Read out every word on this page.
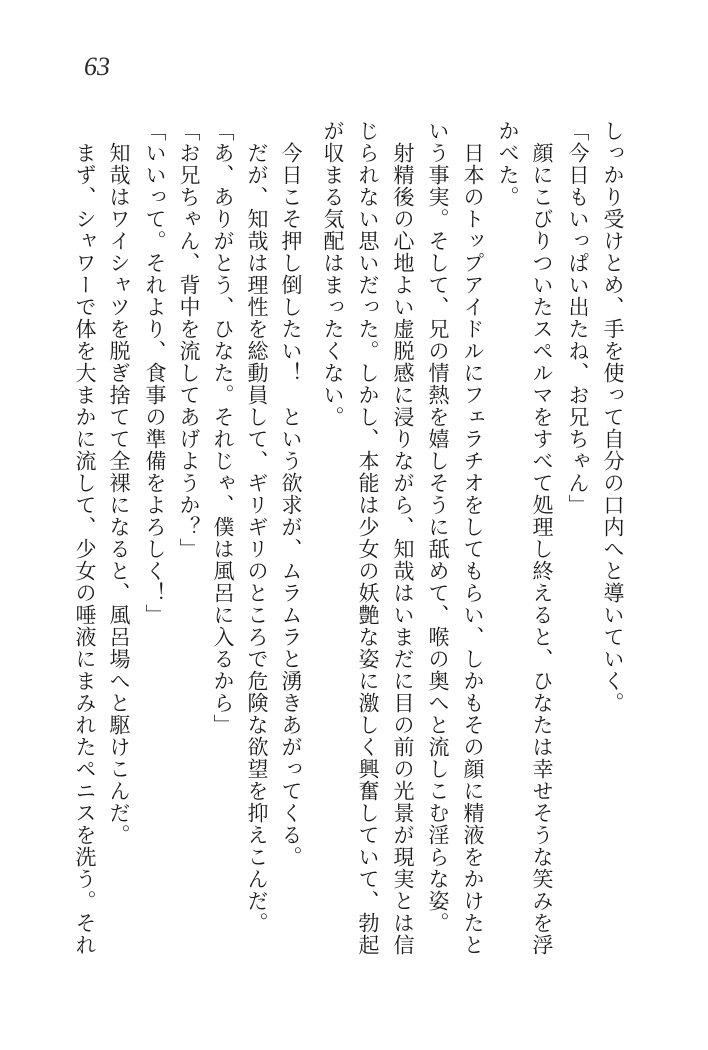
63
しっかり受けとめ、手を使って自分の口内へと導いていく。
「今日もいっぱい出たね、お兄ちゃん」
顔にこびりついたスペルマをすべて処理し終えると、ひなたは幸せそうな笑みを浮
かべた。
日本のトップアイドルにフェラチオをしてもらい、しかもその顔に精液をかけたと
いう事実。そして、兄の情熱を嬉しそうに舐めて、喉の奥へと流しこむ淫らな姿。
射精後の心地よい虚脱感に浸りながら、知哉はいまだに目の前の光景が現実とは信
じられない思いだった。しかし、本能は少女の妖艶な姿に激しく興奮していて、勃起
が収まる気配はまったくない。
今日こそ押し倒したい！　という欲求が、ムラムラと湧きあがってくる。
だが、知哉は理性を総動員して、ギリギリのところで危険な欲望を抑えこんだ。
「あ、ありがとう、ひなた。それじゃ、僕は風呂に入るから」
「お兄ちゃん、背中を流してあげようか？」
「いいって。それより、食事の準備をよろしく！」
知哉はワイシャツを脱ぎ捨てて全裸になると、風呂場へと駆けこんだ。
まず、シャワーで体を大まかに流して、少女の唾液にまみれたペニスを洗う。それ
